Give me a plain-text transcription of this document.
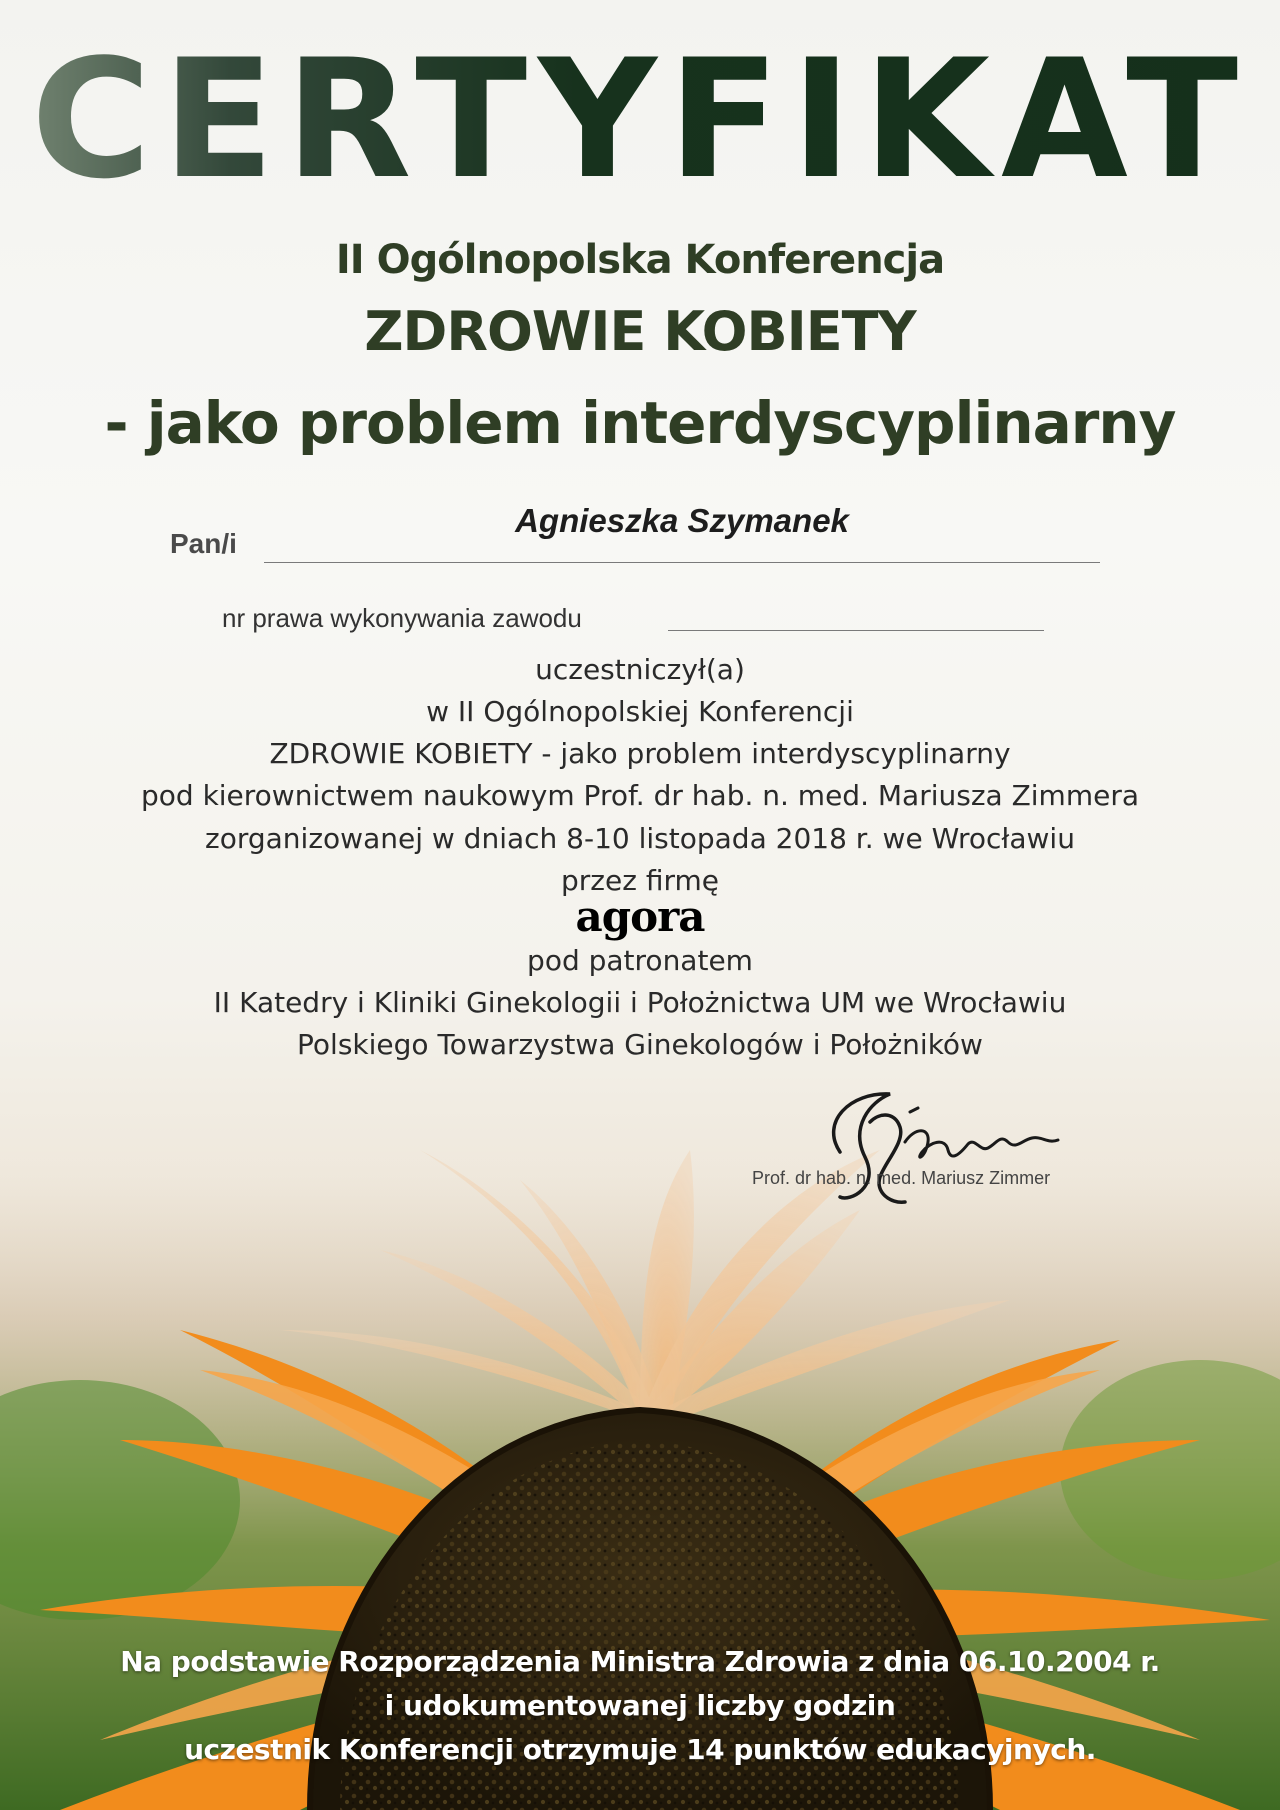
CERTYFIKAT
II Ogólnopolska Konferencja
ZDROWIE KOBIETY
- jako problem interdyscyplinarny
Pan/i
Agnieszka Szymanek
nr prawa wykonywania zawodu
uczestniczył(a)
w II Ogólnopolskiej Konferencji
ZDROWIE KOBIETY - jako problem interdyscyplinarny
pod kierownictwem naukowym Prof. dr hab. n. med. Mariusza Zimmera
zorganizowanej w dniach 8-10 listopada 2018 r. we Wrocławiu
przez firmę
agora
pod patronatem
II Katedry i Kliniki Ginekologii i Położnictwa UM we Wrocławiu
Polskiego Towarzystwa Ginekologów i Położników
Prof. dr hab. n. med. Mariusz Zimmer
Na podstawie Rozporządzenia Ministra Zdrowia z dnia 06.10.2004 r.
i udokumentowanej liczby godzin
uczestnik Konferencji otrzymuje 14 punktów edukacyjnych.
